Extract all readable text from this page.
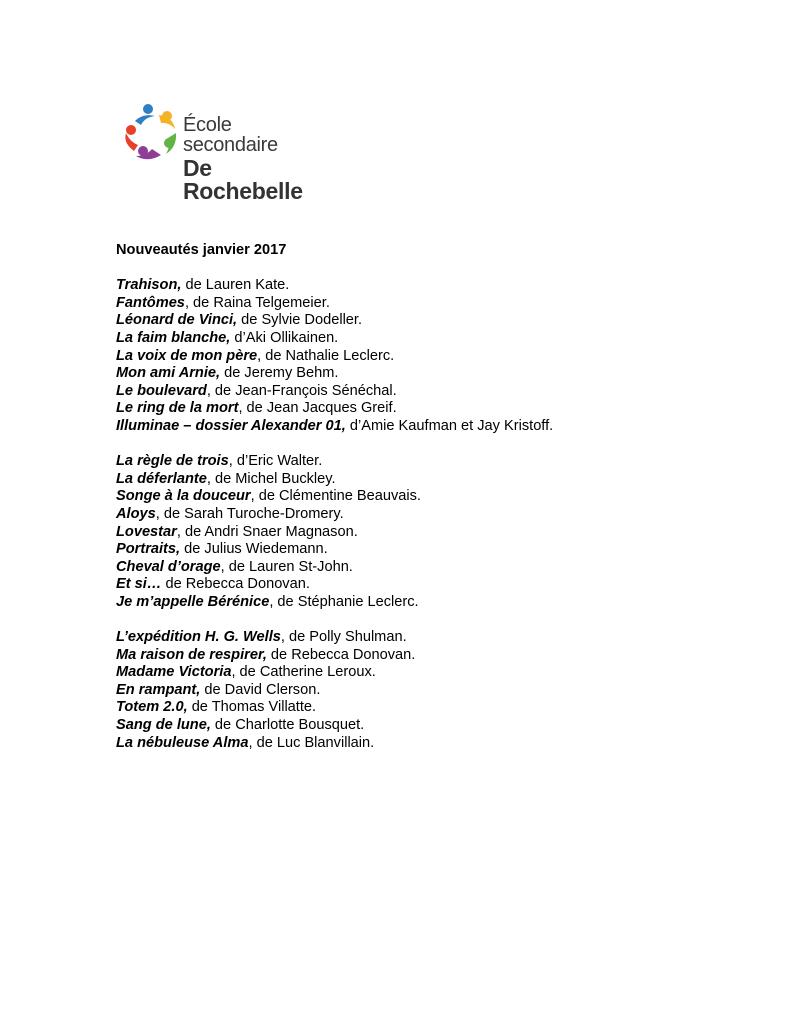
École
secondaire
De Rochebelle
Nouveautés janvier 2017
Trahison, de Lauren Kate.
Fantômes, de Raina Telgemeier.
Léonard de Vinci, de Sylvie Dodeller.
La faim blanche, d’Aki Ollikainen.
La voix de mon père, de Nathalie Leclerc.
Mon ami Arnie, de Jeremy Behm.
Le boulevard, de Jean-François Sénéchal.
Le ring de la mort, de Jean Jacques Greif.
Illuminae – dossier Alexander 01, d’Amie Kaufman et Jay Kristoff.
La règle de trois, d’Eric Walter.
La déferlante, de Michel Buckley.
Songe à la douceur, de Clémentine Beauvais.
Aloys, de Sarah Turoche-Dromery.
Lovestar, de Andri Snaer Magnason.
Portraits, de Julius Wiedemann.
Cheval d’orage, de Lauren St-John.
Et si… de Rebecca Donovan.
Je m’appelle Bérénice, de Stéphanie Leclerc.
L’expédition H. G. Wells, de Polly Shulman.
Ma raison de respirer, de Rebecca Donovan.
Madame Victoria, de Catherine Leroux.
En rampant, de David Clerson.
Totem 2.0, de Thomas Villatte.
Sang de lune, de Charlotte Bousquet.
La nébuleuse Alma, de Luc Blanvillain.
